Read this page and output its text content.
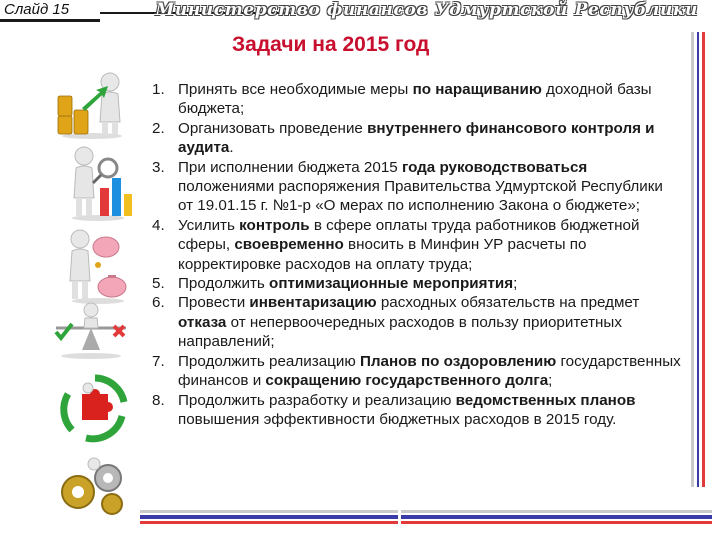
Слайд 15	Министерство финансов Удмуртской Республики
Задачи на 2015 год
1. Принять все необходимые меры по наращиванию доходной базы бюджета;
2. Организовать проведение внутреннего финансового контроля и аудита.
3. При исполнении бюджета 2015 года руководствоваться положениями распоряжения Правительства Удмуртской Республики от 19.01.15 г. №1-р «О мерах по исполнению Закона о бюджете»;
4. Усилить контроль в сфере оплаты труда работников бюджетной сферы, своевременно вносить в Минфин УР расчеты по корректировке расходов на оплату труда;
5. Продолжить оптимизационные мероприятия;
6. Провести инвентаризацию расходных обязательств на предмет отказа от непервоочередных расходов в пользу приоритетных направлений;
7. Продолжить реализацию Планов по оздоровлению государственных финансов и сокращению государственного долга;
8. Продолжить разработку и реализацию ведомственных планов повышения эффективности бюджетных расходов в 2015 году.
